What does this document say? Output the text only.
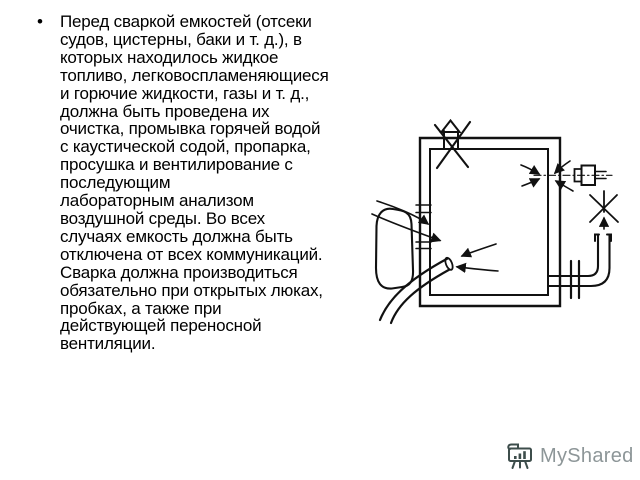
• Перед сваркой емкостей (отсеки
судов, цистерны, баки и т. д.), в
которых находилось жидкое
топливо, легковоспламеняющиеся
и горючие жидкости, газы и т. д.,
должна быть проведена их
очистка, промывка горячей водой
с каустической содой, пропарка,
просушка и вентилирование с
последующим
лабораторным анализом
воздушной среды. Во всех
случаях емкость должна быть
отключена от всех коммуникаций.
Сварка должна производиться
обязательно при открытых люках,
пробках, а также при
действующей переносной
вентиляции.
MyShared
